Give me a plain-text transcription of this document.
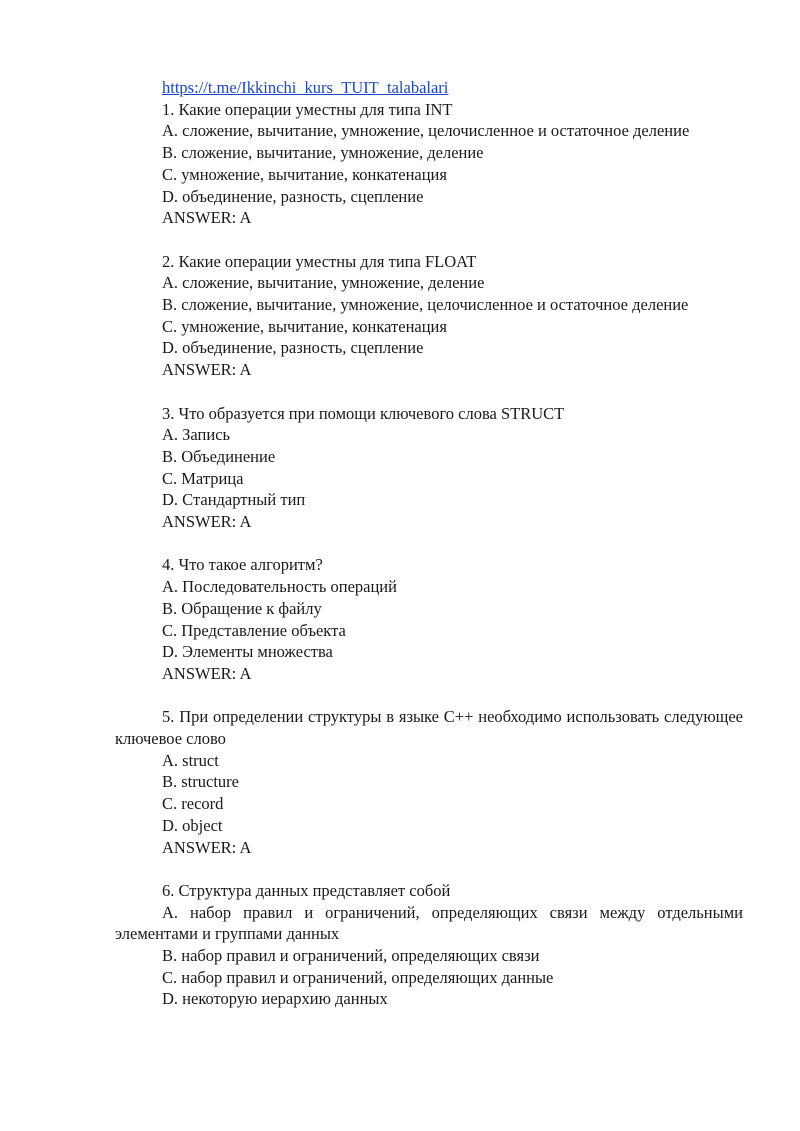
https://t.me/Ikkinchi_kurs_TUIT_talabalari
1. Какие операции уместны для типа INT
A. сложение, вычитание, умножение, целочисленное и остаточное деление
B. сложение, вычитание, умножение, деление
C. умножение, вычитание, конкатенация
D. объединение, разность, сцепление
ANSWER: A
2. Какие операции уместны для типа FLOAT
A. сложение, вычитание, умножение, деление
B. сложение, вычитание, умножение, целочисленное и остаточное деление
C. умножение, вычитание, конкатенация
D. объединение, разность, сцепление
ANSWER: A
3. Что образуется при помощи ключевого слова STRUCT
A. Запись
B. Объединение
C. Матрица
D. Стандартный тип
ANSWER: A
4. Что такое алгоритм?
A. Последовательность операций
B. Обращение к файлу
C. Представление объекта
D. Элементы множества
ANSWER: A
5. При определении структуры в языке C++ необходимо использовать следующее ключевое слово
A. struct
B. structure
C. record
D. object
ANSWER: A
6. Структура данных представляет собой
A. набор правил и ограничений, определяющих связи между отдельными элементами и группами данных
B. набор правил и ограничений, определяющих связи
C. набор правил и ограничений, определяющих данные
D. некоторую иерархию данных
